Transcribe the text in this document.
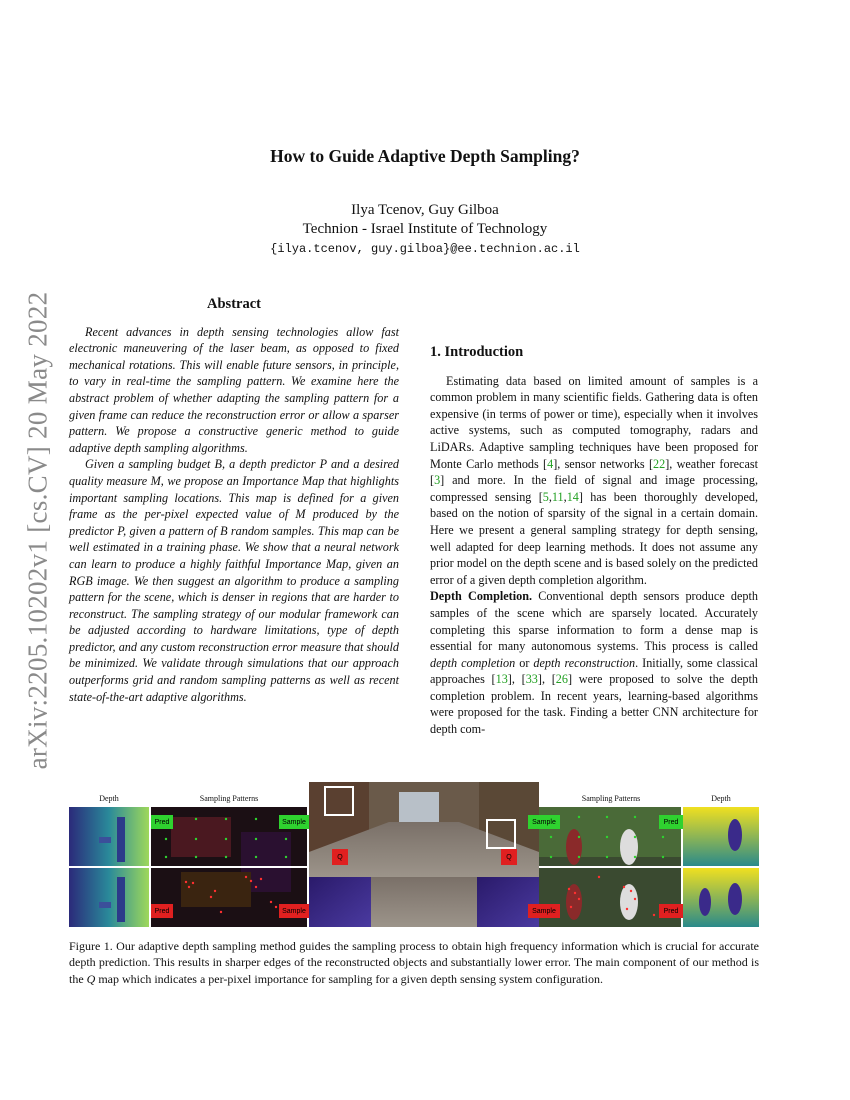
arXiv:2205.10202v1 [cs.CV] 20 May 2022
How to Guide Adaptive Depth Sampling?
Ilya Tcenov, Guy Gilboa
Technion - Israel Institute of Technology
{ilya.tcenov, guy.gilboa}@ee.technion.ac.il
Abstract

Recent advances in depth sensing technologies allow fast electronic maneuvering of the laser beam, as opposed to fixed mechanical rotations. This will enable future sensors, in principle, to vary in real-time the sampling pattern. We examine here the abstract problem of whether adapting the sampling pattern for a given frame can reduce the reconstruction error or allow a sparser pattern. We propose a constructive generic method to guide adaptive depth sampling algorithms.

Given a sampling budget B, a depth predictor P and a desired quality measure M, we propose an Importance Map that highlights important sampling locations. This map is defined for a given frame as the per-pixel expected value of M produced by the predictor P, given a pattern of B random samples. This map can be well estimated in a training phase. We show that a neural network can learn to produce a highly faithful Importance Map, given an RGB image. We then suggest an algorithm to produce a sampling pattern for the scene, which is denser in regions that are harder to reconstruct. The sampling strategy of our modular framework can be adjusted according to hardware limitations, type of depth predictor, and any custom reconstruction error measure that should be minimized. We validate through simulations that our approach outperforms grid and random sampling patterns as well as recent state-of-the-art adaptive algorithms.

1. Introduction

Estimating data based on limited amount of samples is a common problem in many scientific fields. Gathering data is often expensive (in terms of power or time), especially when it involves active systems, such as computed tomography, radars and LiDARs. Adaptive sampling techniques have been proposed for Monte Carlo methods [4], sensor networks [22], weather forecast [3] and more. In the field of signal and image processing, compressed sensing [5,11,14] has been thoroughly developed, based on the notion of sparsity of the signal in a certain domain. Here we present a general sampling strategy for depth sensing, well adapted for deep learning methods. It does not assume any prior model on the depth scene and is based solely on the predicted error of a given depth completion algorithm.

Depth Completion. Conventional depth sensors produce depth samples of the scene which are sparsely located. Accurately completing this sparse information to form a dense map is essential for many autonomous systems. This process is called depth completion or depth reconstruction. Initially, some classical approaches [13], [33], [26] were proposed to solve the depth completion problem. In recent years, learning-based algorithms were proposed for the task. Finding a better CNN architecture for depth com-

Depth	Sampling Patterns	Sampling Patterns	Depth
Pred
Pred
Sample
Sample
Q	Q
Sample
Sample
Pred
Pred
Figure 1. Our adaptive depth sampling method guides the sampling process to obtain high frequency information which is crucial for accurate depth prediction. This results in sharper edges of the reconstructed objects and substantially lower error. The main component of our method is the Q map which indicates a per-pixel importance for sampling for a given depth sensing system configuration.
